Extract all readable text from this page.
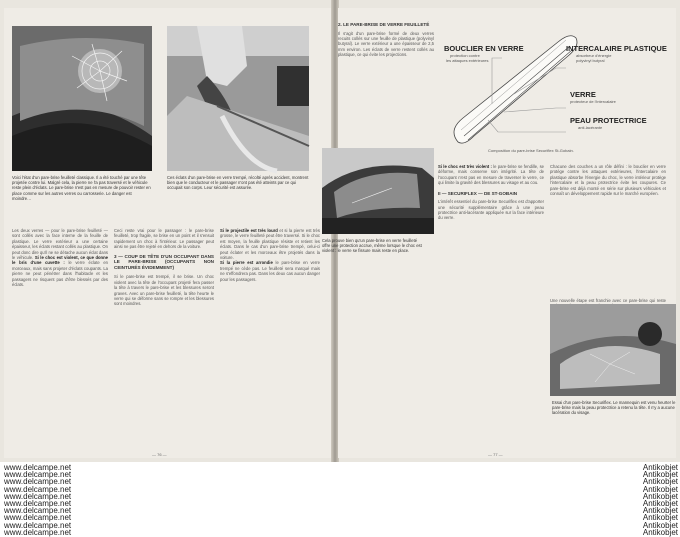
Voici l'état d'un pare-brise feuilleté classique. Il a été touché par une tête projetée contre lui. Malgré cela, la pierre ne l'a pas traversé et le véhicule reste plein d'éclats. Le pare-brise n'est pas en mesure de pouvoir rester en place comme sur les autres verres ou carrosserie. Le danger est moindre…
Ces éclats d'un pare-brise en verre trempé, récolté après accident, montrent bien que le conducteur et le passager n'ont pas été atteints par ce qui occupait son corps. Leur sécurité est assurée.
Les deux verres — pour le pare-brise feuilleté — sont collés avec la face interne de la feuille de plastique. Le verre extérieur a une certaine épaisseur, les éclats restant collés au plastique. On peut donc dire qu'il ne se détache aucun éclat dans le véhicule. Si le choc est violent, ce que donne le bris d'une cuvette : le verre éclate en morceaux, mais sans projeter d'éclats coupants. La pierre ne peut pénétrer dans l'habitacle et les passagers ne risquent pas d'être blessés par des éclats.
Ceci reste vrai pour le passager : le pare-brise feuilleté, trop fragile, se brise en un point et il s'ensuit rapidement un choc à l'intérieur. Le passager peut ainsi ne pas être rejeté en dehors de la voiture.
3 — COUP DE TÊTE D'UN OCCUPANT DANS LE PARE-BRISE (OCCUPANTS NON CEINTURÉS ÉVIDEMMENT)
Si le pare-brise est trempé, il se brise. Un choc violent avec la tête de l'occupant projeté fera passer la tête à travers le pare-brise et les blessures seront graves. Avec un pare-brise feuilleté, la tête heurte le verre qui se déforme sans se rompre et les blessures sont moindres.
Si le projectile est très lourd et si la pierre est très grosse, le verre feuilleté peut être traversé. Si le choc est moyen, la feuille plastique résiste et retient les éclats. Dans le cas d'un pare-brise trempé, celui-ci peut éclater et les morceaux être projetés dans la voiture.
Si la pierre est arrondie le pare-brise en verre trempé ne cède pas. Le feuilleté sera marqué mais ne s'effondrera pas. Dans les deux cas aucun danger pour les passagers.
— 76 —
2. LE PARE-BRISE DE VERRE FEUILLETÉ
Il s'agit d'un pare-brise formé de deux verres recuits collés sur une feuille de plastique (polyvinyl butyral). Le verre extérieur a une épaisseur de 2,5 mm environ. Les éclats de verre restent collés au plastique, ce qui évite les projections.
BOUCLIER EN VERRE
protection contre
les attaques extérieures
INTERCALAIRE PLASTIQUE
absorbeur d'énergie
polyvinyl butyral
VERRE
protecteur de l'intercalaire
PEAU PROTECTRICE
anti-lacérante
Composition du pare-brise Securiflex St-Gobain.
Cela prouve bien qu'un pare-brise en verre feuilleté offre une protection accrue, même lorsque le choc est violent : le verre se fissure mais reste en place.
Si le choc est très violent : le pare-brise se fendille, se déforme, mais conserve son intégrité. La tête de l'occupant n'est pas en mesure de traverser le verre, ce qui limite la gravité des blessures au visage et au cou.
II — SECURIFLEX — DE ST-GOBAIN
L'intérêt essentiel du pare-brise Securiflex est d'apporter une sécurité supplémentaire grâce à une peau protectrice anti-lacérante appliquée sur la face intérieure du verre.
Chacune des couches a un rôle défini : le bouclier en verre protège contre les attaques extérieures, l'intercalaire en plastique absorbe l'énergie du choc, le verre intérieur protège l'intercalaire et la peau protectrice évite les coupures. Ce pare-brise est déjà monté en série sur plusieurs véhicules et connaît un développement rapide sur le marché européen.
Une nouvelle étape est franchie avec ce pare-brise qui reste
Essai d'un pare-brise Securiflex. Le mannequin est venu heurter le pare-brise mais la peau protectrice a retenu la tête. Il n'y a aucune lacération du visage.
— 77 —
www.delcampe.net
www.delcampe.net
www.delcampe.net
www.delcampe.net
www.delcampe.net
www.delcampe.net
www.delcampe.net
www.delcampe.net
www.delcampe.net
www.delcampe.net
Antikobjet
Antikobjet
Antikobjet
Antikobjet
Antikobjet
Antikobjet
Antikobjet
Antikobjet
Antikobjet
Antikobjet
